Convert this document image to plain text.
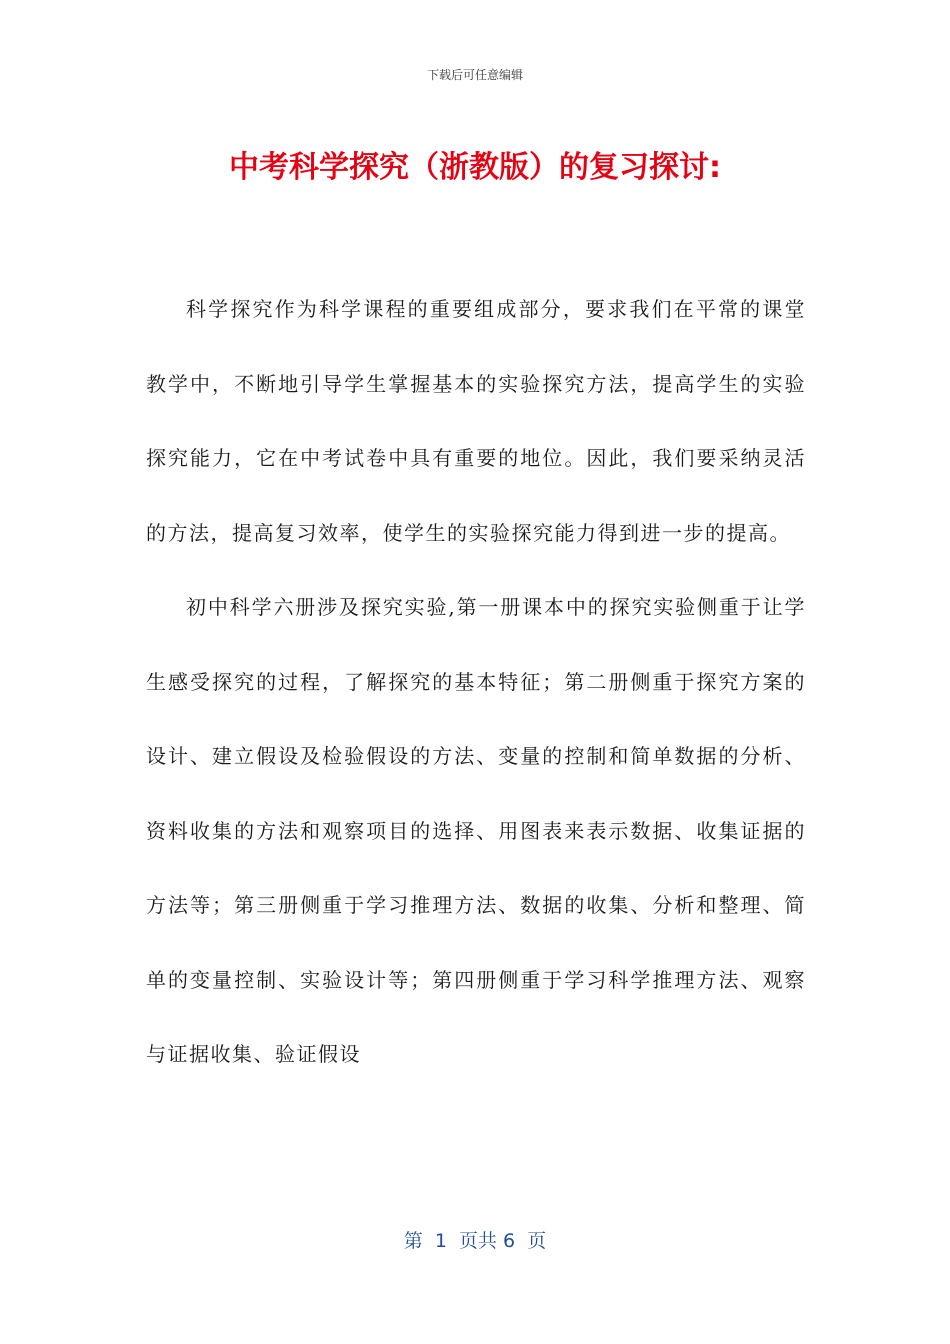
下载后可任意编辑
中考科学探究（浙教版）的复习探讨:

科学探究作为科学课程的重要组成部分，要求我们在平常的课堂教学中，不断地引导学生掌握基本的实验探究方法，提高学生的实验探究能力，它在中考试卷中具有重要的地位。因此，我们要采纳灵活的方法，提高复习效率，使学生的实验探究能力得到进一步的提高。

初中科学六册涉及探究实验,第一册课本中的探究实验侧重于让学生感受探究的过程，了解探究的基本特征；第二册侧重于探究方案的设计、建立假设及检验假设的方法、变量的控制和简单数据的分析、资料收集的方法和观察项目的选择、用图表来表示数据、收集证据的方法等；第三册侧重于学习推理方法、数据的收集、分析和整理、简单的变量控制、实验设计等；第四册侧重于学习科学推理方法、观察与证据收集、验证假设

第  1  页共 6  页
